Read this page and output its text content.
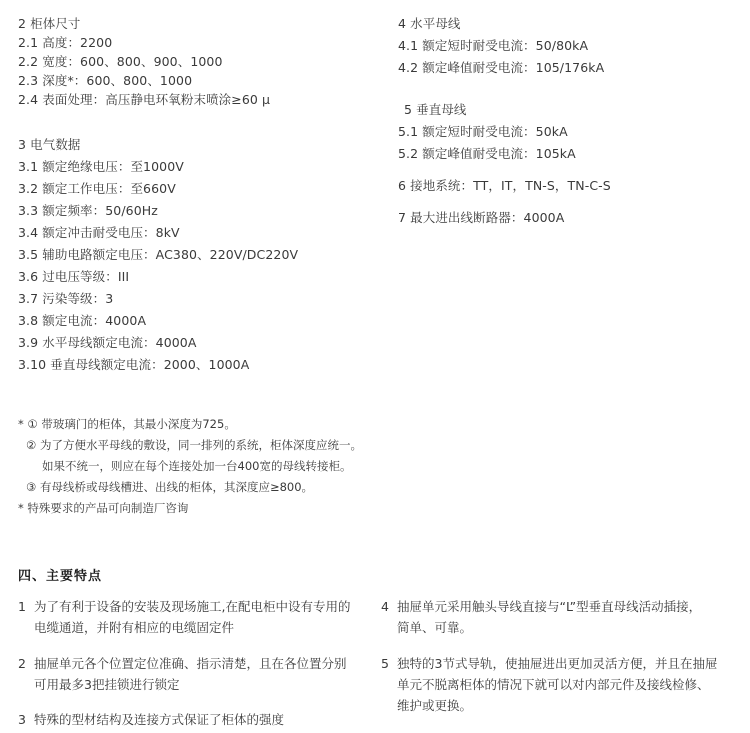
2 柜体尺寸
2.1 高度：2200
2.2 宽度：600、800、900、1000
2.3 深度*：600、800、1000
2.4 表面处理：高压静电环氧粉末喷涂≥60 μ
3 电气数据
3.1 额定绝缘电压：至1000V
3.2 额定工作电压：至660V
3.3 额定频率：50/60Hz
3.4 额定冲击耐受电压：8kV
3.5 辅助电路额定电压：AC380、220V/DC220V
3.6 过电压等级：III
3.7 污染等级：3
3.8 额定电流：4000A
3.9 水平母线额定电流：4000A
3.10 垂直母线额定电流：2000、1000A
4 水平母线
4.1 额定短时耐受电流：50/80kA
4.2 额定峰值耐受电流：105/176kA
5 垂直母线
5.1 额定短时耐受电流：50kA
5.2 额定峰值耐受电流：105kA
6 接地系统：TT，IT，TN-S，TN-C-S
7 最大进出线断路器：4000A
* ① 带玻璃门的柜体，其最小深度为725。
② 为了方便水平母线的敷设，同一排列的系统，柜体深度应统一。
如果不统一，则应在每个连接处加一台400宽的母线转接柜。
③ 有母线桥或母线槽进、出线的柜体，其深度应≥800。
* 特殊要求的产品可向制造厂咨询
四、主要特点
1 为了有利于设备的安装及现场施工,在配电柜中设有专用的
电缆通道，并附有相应的电缆固定件
2 抽屉单元各个位置定位准确、指示清楚，且在各位置分别
可用最多3把挂锁进行锁定
3 特殊的型材结构及连接方式保证了柜体的强度
4 抽屉单元采用触头导线直接与“L”型垂直母线活动插接，
简单、可靠。
5 独特的3节式导轨，使抽屉进出更加灵活方便，并且在抽屉
单元不脱离柜体的情况下就可以对内部元件及接线检修、
维护或更换。
